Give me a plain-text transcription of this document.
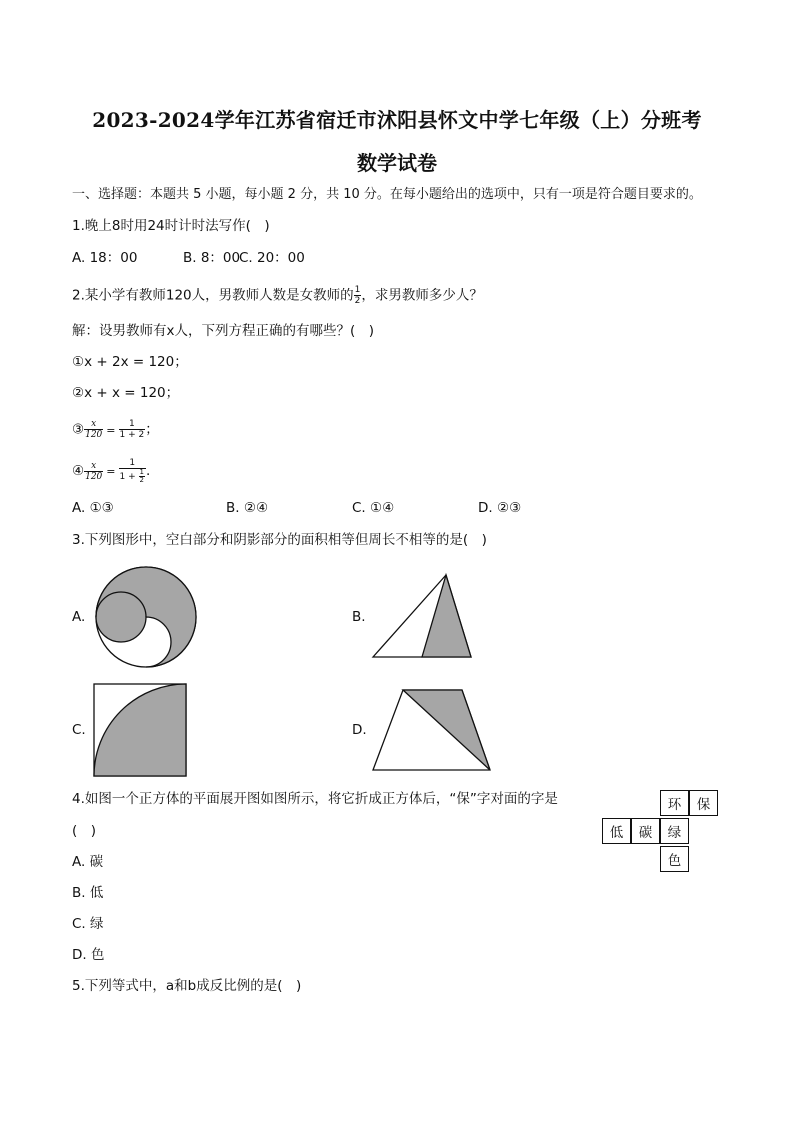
2023-2024学年江苏省宿迁市沭阳县怀文中学七年级（上）分班考
数学试卷
一、选择题：本题共 5 小题，每小题 2 分，共 10 分。在每小题给出的选项中，只有一项是符合题目要求的。
1.晚上8时用24时计时法写作(　)
A. 18：00	B. 8：00
C. 20：00
2.某小学有教师120人，男教师人数是女教师的 $\frac{1}{2}$ ，求男教师多少人？
解：设男教师有x人，下列方程正确的有哪些？(　)
①x + 2x = 120；
②x + x = 120；
③ $\frac{x}{120} = \frac{1}{1 + 2}$ ；
④ $\frac{x}{120} = \frac{1}{1 + \frac{1}{2}}$ .
A. ①③	B. ②④	C. ①④	D. ②③
3.下列图形中，空白部分和阴影部分的面积相等但周长不相等的是(　)
A.	B.
C.	D.
4.如图一个正方体的平面展开图如图所示，将它折成正方体后，“保”字对面的字是
(　)
A. 碳
B. 低
C. 绿
D. 色
环	保
低	碳	绿
色
5.下列等式中，a和b成反比例的是(　)
